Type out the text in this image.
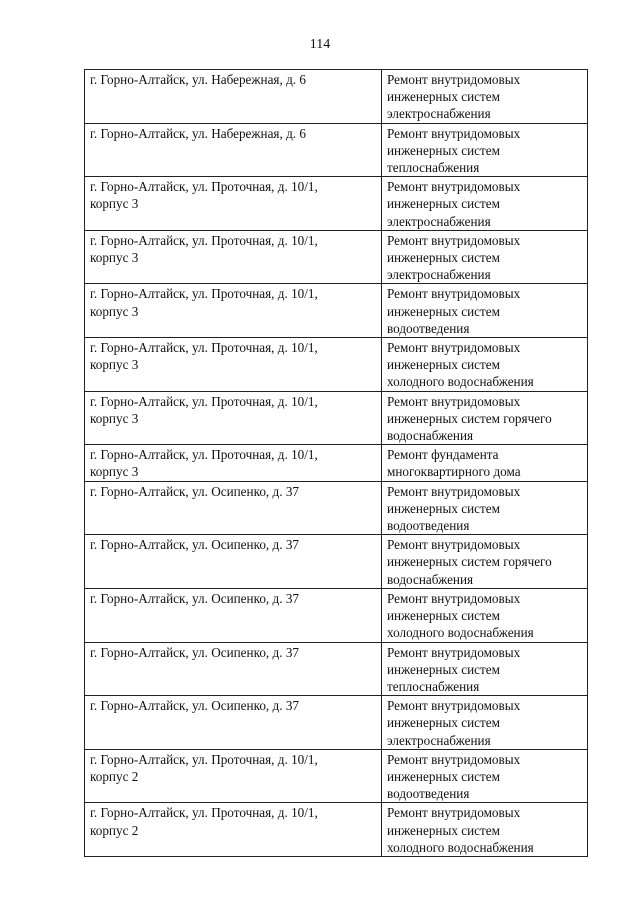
114
г. Горно-Алтайск, ул. Набережная, д. 6	Ремонт внутридомовых
инженерных систем
электроснабжения
г. Горно-Алтайск, ул. Набережная, д. 6	Ремонт внутридомовых
инженерных систем
теплоснабжения
г. Горно-Алтайск, ул. Проточная, д. 10/1,
корпус 3	Ремонт внутридомовых
инженерных систем
электроснабжения
г. Горно-Алтайск, ул. Проточная, д. 10/1,
корпус 3	Ремонт внутридомовых
инженерных систем
электроснабжения
г. Горно-Алтайск, ул. Проточная, д. 10/1,
корпус 3	Ремонт внутридомовых
инженерных систем
водоотведения
г. Горно-Алтайск, ул. Проточная, д. 10/1,
корпус 3	Ремонт внутридомовых
инженерных систем
холодного водоснабжения
г. Горно-Алтайск, ул. Проточная, д. 10/1,
корпус 3	Ремонт внутридомовых
инженерных систем горячего
водоснабжения
г. Горно-Алтайск, ул. Проточная, д. 10/1,
корпус 3	Ремонт фундамента
многоквартирного дома
г. Горно-Алтайск, ул. Осипенко, д. 37	Ремонт внутридомовых
инженерных систем
водоотведения
г. Горно-Алтайск, ул. Осипенко, д. 37	Ремонт внутридомовых
инженерных систем горячего
водоснабжения
г. Горно-Алтайск, ул. Осипенко, д. 37	Ремонт внутридомовых
инженерных систем
холодного водоснабжения
г. Горно-Алтайск, ул. Осипенко, д. 37	Ремонт внутридомовых
инженерных систем
теплоснабжения
г. Горно-Алтайск, ул. Осипенко, д. 37	Ремонт внутридомовых
инженерных систем
электроснабжения
г. Горно-Алтайск, ул. Проточная, д. 10/1,
корпус 2	Ремонт внутридомовых
инженерных систем
водоотведения
г. Горно-Алтайск, ул. Проточная, д. 10/1,
корпус 2	Ремонт внутридомовых
инженерных систем
холодного водоснабжения
